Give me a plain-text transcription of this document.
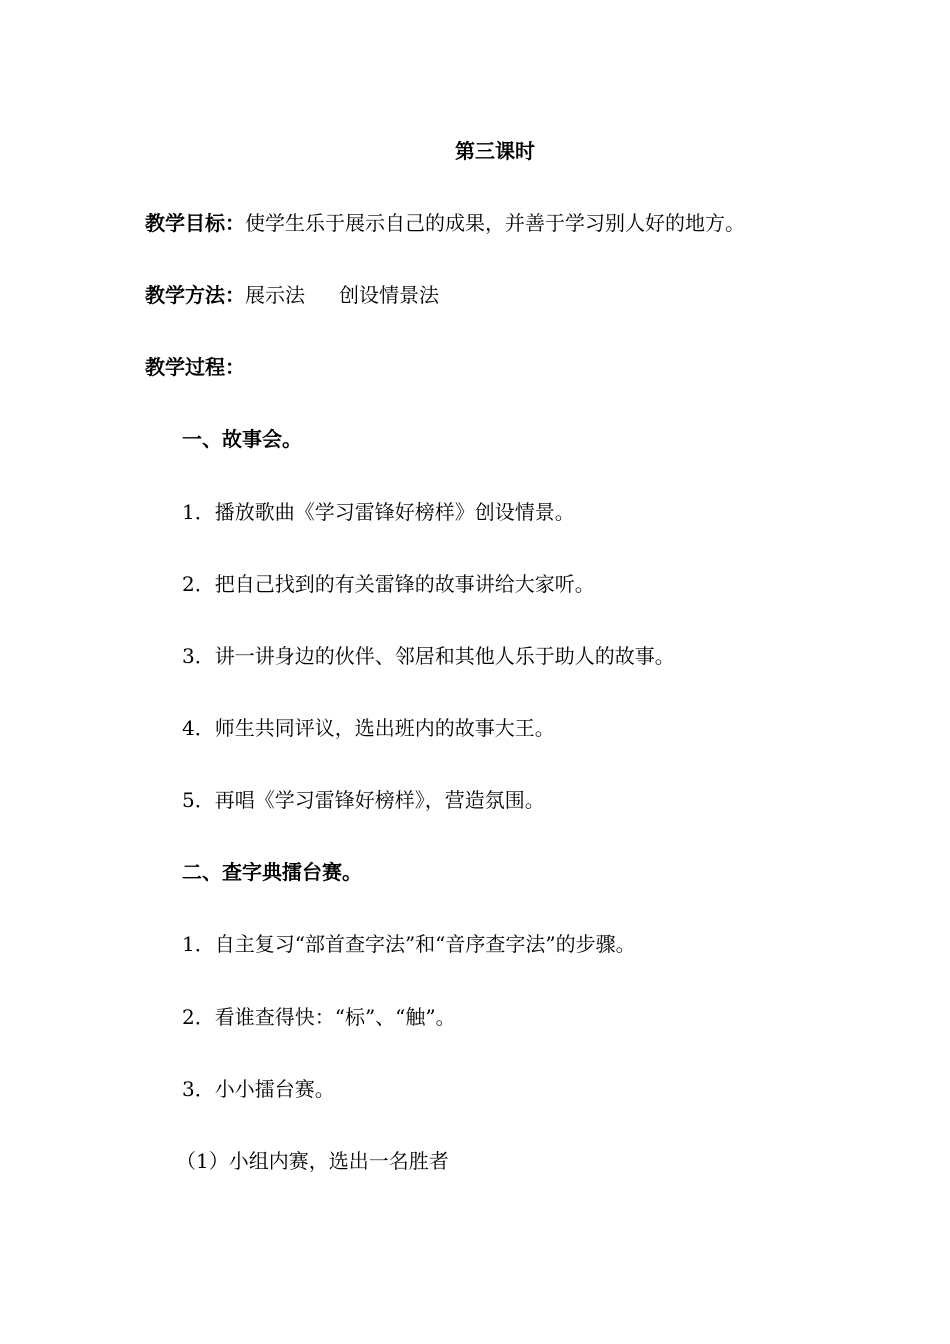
第三课时
教学目标：使学生乐于展示自己的成果，并善于学习别人好的地方。
教学方法：展示法 创设情景法
教学过程：
一、故事会。
1．播放歌曲《学习雷锋好榜样》创设情景。
2．把自己找到的有关雷锋的故事讲给大家听。
3．讲一讲身边的伙伴、邻居和其他人乐于助人的故事。
4．师生共同评议，选出班内的故事大王。
5．再唱《学习雷锋好榜样》，营造氛围。
二、查字典擂台赛。
1．自主复习“部首查字法”和“音序查字法”的步骤。
2．看谁查得快：“标”、“触”。
3．小小擂台赛。
（1）小组内赛，选出一名胜者
